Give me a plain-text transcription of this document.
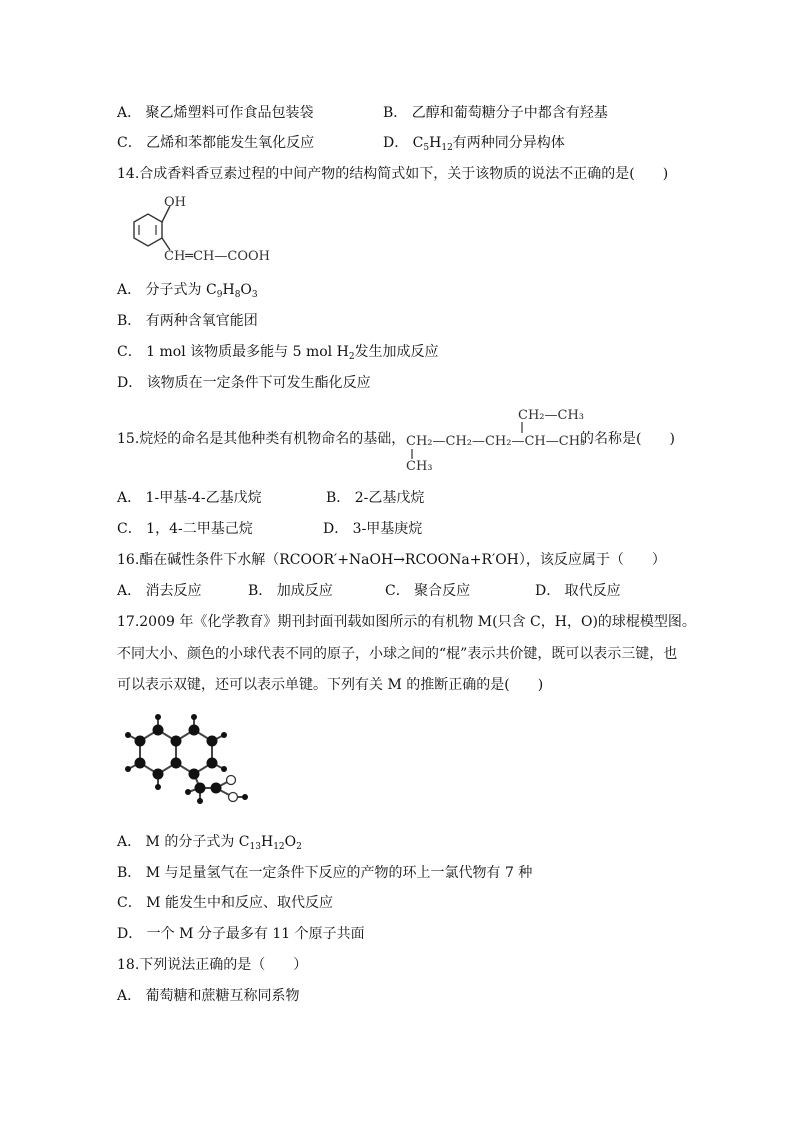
A． 聚乙烯塑料可作食品包装袋	B． 乙醇和葡萄糖分子中都含有羟基
C． 乙烯和苯都能发生氧化反应	D． $C_5H_{12}$有两种同分异构体
14.合成香料香豆素过程的中间产物的结构简式如下，关于该物质的说法不正确的是(　　)
OH
CH═CH—COOH
A． 分子式为 $C_9H_8O_3$
B． 有两种含氧官能团
C． 1 mol 该物质最多能与 5 mol $H_2$发生加成反应
D． 该物质在一定条件下可发生酯化反应
15.烷烃的命名是其他种类有机物命名的基础，
CH₂—CH₃
CH₂—CH₂—CH₂—CH—CH₃
CH₃
的名称是(　　)
A． 1-甲基-4-乙基戊烷	B． 2-乙基戊烷
C． 1，4-二甲基己烷	D． 3-甲基庚烷
16.酯在碱性条件下水解（RCOOR′+NaOH→RCOONa+R′OH），该反应属于（　　）
A． 消去反应	B． 加成反应	C． 聚合反应	D． 取代反应
17.2009 年《化学教育》期刊封面刊载如图所示的有机物 M(只含 C，H，O)的球棍模型图。
不同大小、颜色的小球代表不同的原子，小球之间的“棍”表示共价键，既可以表示三键，也
可以表示双键，还可以表示单键。下列有关 M 的推断正确的是(　　)
A． M 的分子式为 $C_{13}H_{12}O_2$
B． M 与足量氢气在一定条件下反应的产物的环上一氯代物有 7 种
C． M 能发生中和反应、取代反应
D． 一个 M 分子最多有 11 个原子共面
18.下列说法正确的是（　　）
A． 葡萄糖和蔗糖互称同系物
